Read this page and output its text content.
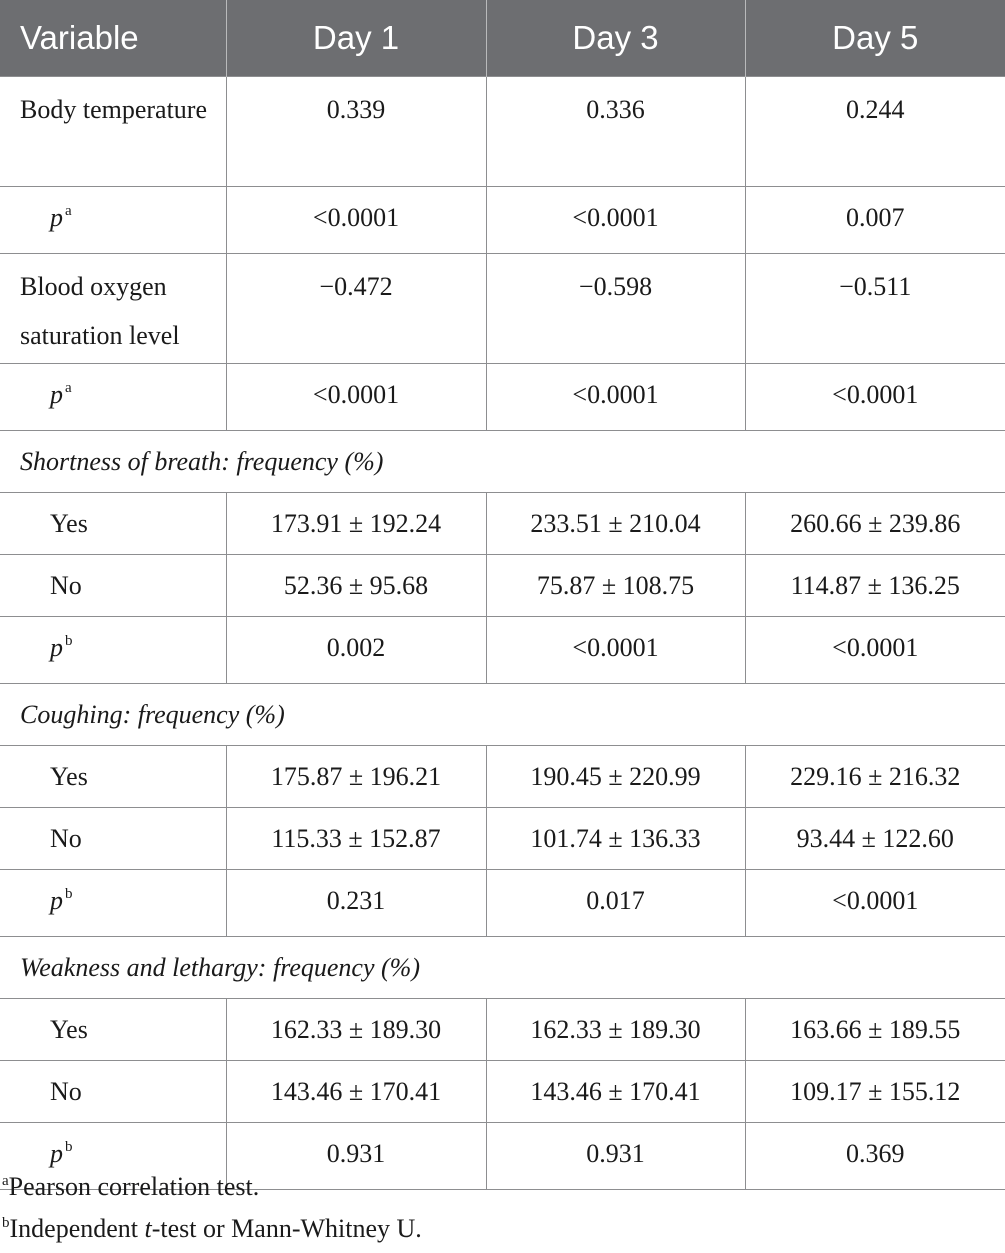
Variable	Day 1	Day 3	Day 5
Body temperature	0.339	0.336	0.244
p $^a$	<0.0001	<0.0001	0.007
Blood oxygen saturation level	−0.472	−0.598	−0.511
p $^a$	<0.0001	<0.0001	<0.0001
Shortness of breath: frequency (%)			
Yes	173.91 ± 192.24	233.51 ± 210.04	260.66 ± 239.86
No	52.36 ± 95.68	75.87 ± 108.75	114.87 ± 136.25
p $^b$	0.002	<0.0001	<0.0001
Coughing: frequency (%)			
Yes	175.87 ± 196.21	190.45 ± 220.99	229.16 ± 216.32
No	115.33 ± 152.87	101.74 ± 136.33	93.44 ± 122.60
p $^b$	0.231	0.017	<0.0001
Weakness and lethargy: frequency (%)			
Yes	162.33 ± 189.30	162.33 ± 189.30	163.66 ± 189.55
No	143.46 ± 170.41	143.46 ± 170.41	109.17 ± 155.12
p $^b$	0.931	0.931	0.369
$^a$Pearson correlation test.
$^b$Independent t-test or Mann-Whitney U.
